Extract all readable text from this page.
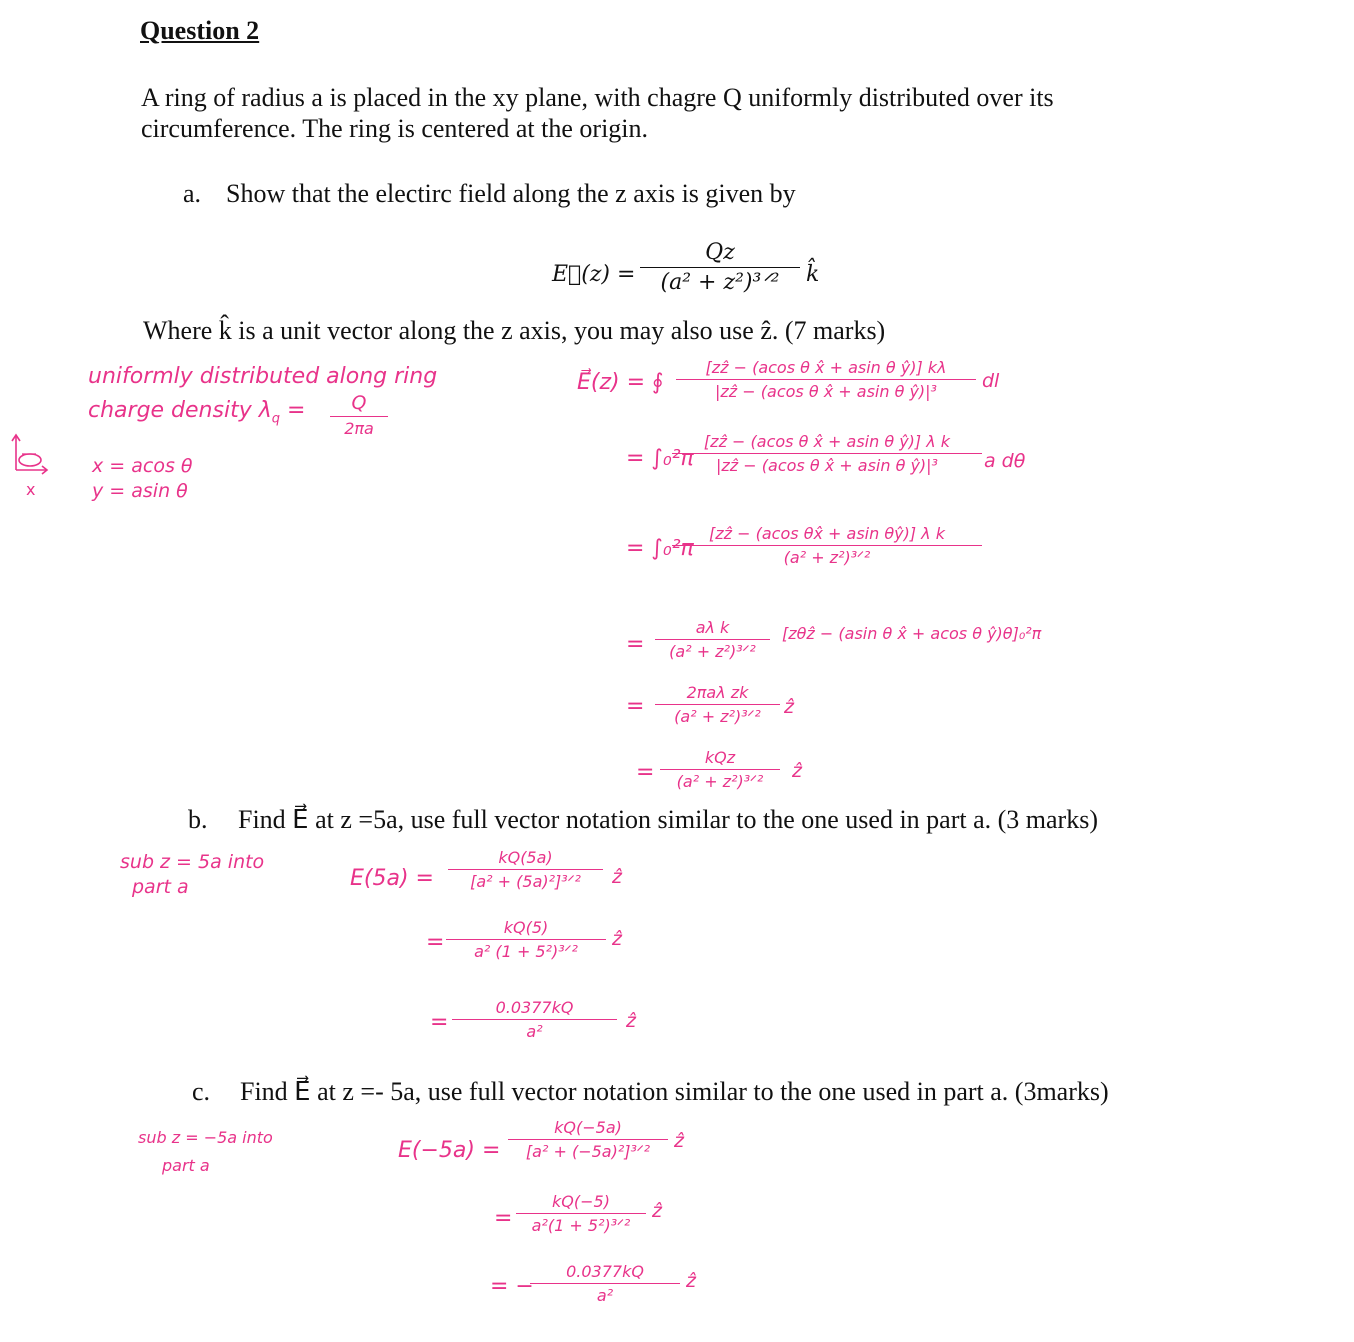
Question 2
A ring of radius a is placed in the xy plane, with chagre Q uniformly distributed over its
circumference. The ring is centered at the origin.
a. Show that the electirc field along the z axis is given by
E⃗(z) =
Qz
(a² + z²)³ᐟ²	k̂
Where k̂ is a unit vector along the z axis, you may also use ẑ. (7 marks)
uniformly distributed along ring
charge density $\lambda_q$ =	Q
2πa
x
x = acos θ
y = asin θ
E⃗(z) = ∮
[zẑ − (acos θ x̂ + asin θ ŷ)] kλ
|zẑ − (acos θ x̂ + asin θ ŷ)|³	dl
= ∫₀²π
[zẑ − (acos θ x̂ + asin θ ŷ)] λ k
|zẑ − (acos θ x̂ + asin θ ŷ)|³	a dθ
= ∫₀²π
[zẑ − (acos θx̂ + asin θŷ)] λ k
(a² + z²)³ᐟ²
=
aλ k
(a² + z²)³ᐟ²
[zθẑ − (asin θ x̂ + acos θ ŷ)θ]₀²π
=
2πaλ zk
(a² + z²)³ᐟ²	ẑ
=
kQz
(a² + z²)³ᐟ²	ẑ
b. Find E⃗ at z =5a, use full vector notation similar to the one used in part a. (3 marks)
sub z = 5a into
part a	E(5a) =
kQ(5a)
[a² + (5a)²]³ᐟ²	ẑ
=
kQ(5)
a² (1 + 5²)³ᐟ²
ẑ
=
0.0377kQ
a²	ẑ
c. Find E⃗ at z =- 5a, use full vector notation similar to the one used in part a. (3marks)
sub z = −5a into
part a
E(−5a) =
kQ(−5a)
[a² + (−5a)²]³ᐟ²	ẑ
=
kQ(−5)
a²(1 + 5²)³ᐟ²
ẑ
= −
0.0377kQ
a²
ẑ
